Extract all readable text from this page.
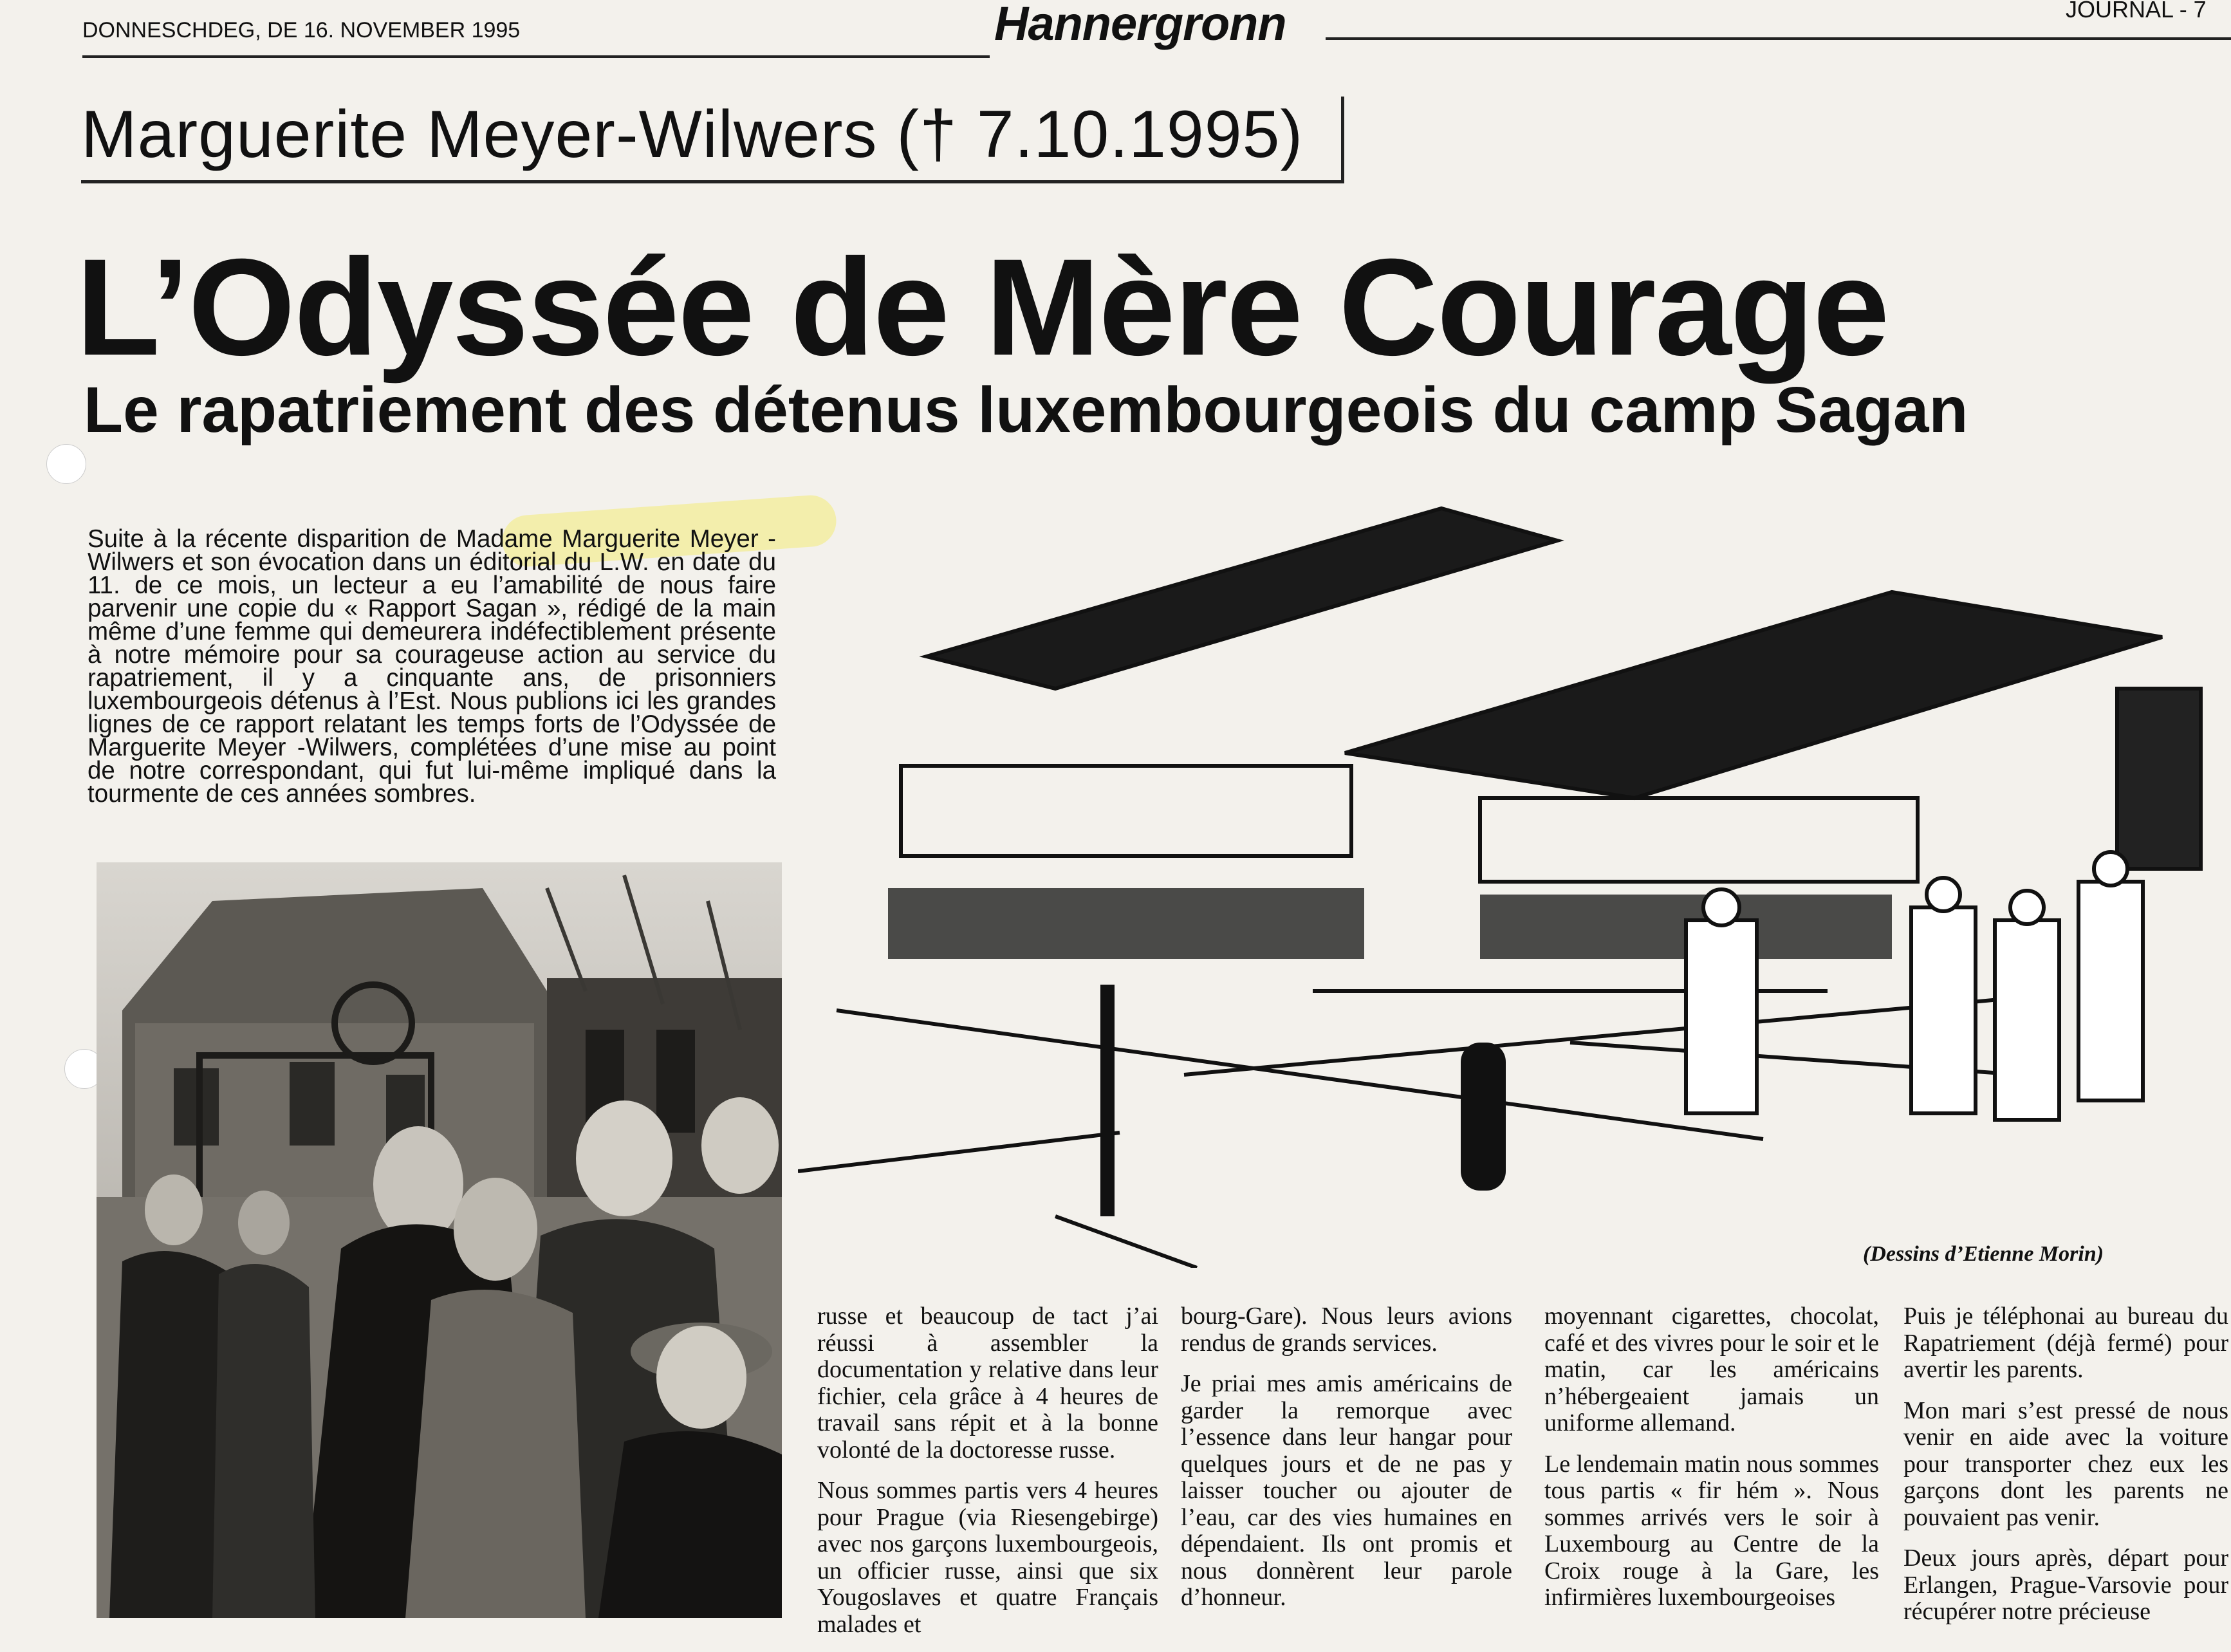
DONNESCHDEG, DE 16. NOVEMBER 1995	Hannergronn	JOURNAL - 7
Marguerite Meyer-Wilwers († 7.10.1995)
L’Odyssée de Mère Courage
Le rapatriement des détenus luxembourgeois du camp Sagan
Suite à la récente disparition de Madame Marguerite Meyer -Wilwers et son évocation dans un éditorial du L.W. en date du 11. de ce mois, un lecteur a eu l’amabilité de nous faire parvenir une copie du « Rapport Sagan », rédigé de la main même d’une femme qui demeurera indéfectiblement présente à notre mémoire pour sa courageuse action au service du rapatriement, il y a cinquante ans, de prisonniers luxembourgeois détenus à l’Est. Nous publions ici les grandes lignes de ce rapport relatant les temps forts de l’Odyssée de Marguerite Meyer -Wilwers, complétées d’une mise au point de notre correspondant, qui fut lui-même impliqué dans la tourmente de ces années sombres.
(Dessins d’Etienne Morin)

russe et beaucoup de tact j’ai réussi à assembler la documentation y relative dans leur fichier, cela grâce à 4 heures de travail sans répit et à la bonne volonté de la doctoresse russe.

Nous sommes partis vers 4 heures pour Prague (via Riesengebirge) avec nos garçons luxembourgeois, un officier russe, ainsi que six Yougoslaves et quatre Français malades et

bourg-Gare). Nous leurs avions rendus de grands services.

Je priai mes amis américains de garder la remorque avec l’essence dans leur hangar pour quelques jours et de ne pas y laisser toucher ou ajouter de l’eau, car des vies humaines en dépendaient. Ils ont promis et nous donnèrent leur parole d’honneur.

moyennant cigarettes, chocolat, café et des vivres pour le soir et le matin, car les américains n’hébergeaient jamais un uniforme allemand.

Le lendemain matin nous sommes tous partis « fir hém ». Nous sommes arrivés vers le soir à Luxembourg au Centre de la Croix rouge à la Gare, les infirmières luxembourgeoises

Puis je téléphonai au bureau du Rapatriement (déjà fermé) pour avertir les parents.

Mon mari s’est pressé de nous venir en aide avec la voiture pour transporter chez eux les garçons dont les parents ne pouvaient pas venir.

Deux jours après, départ pour Erlangen, Prague-Varsovie pour récupérer notre précieuse
